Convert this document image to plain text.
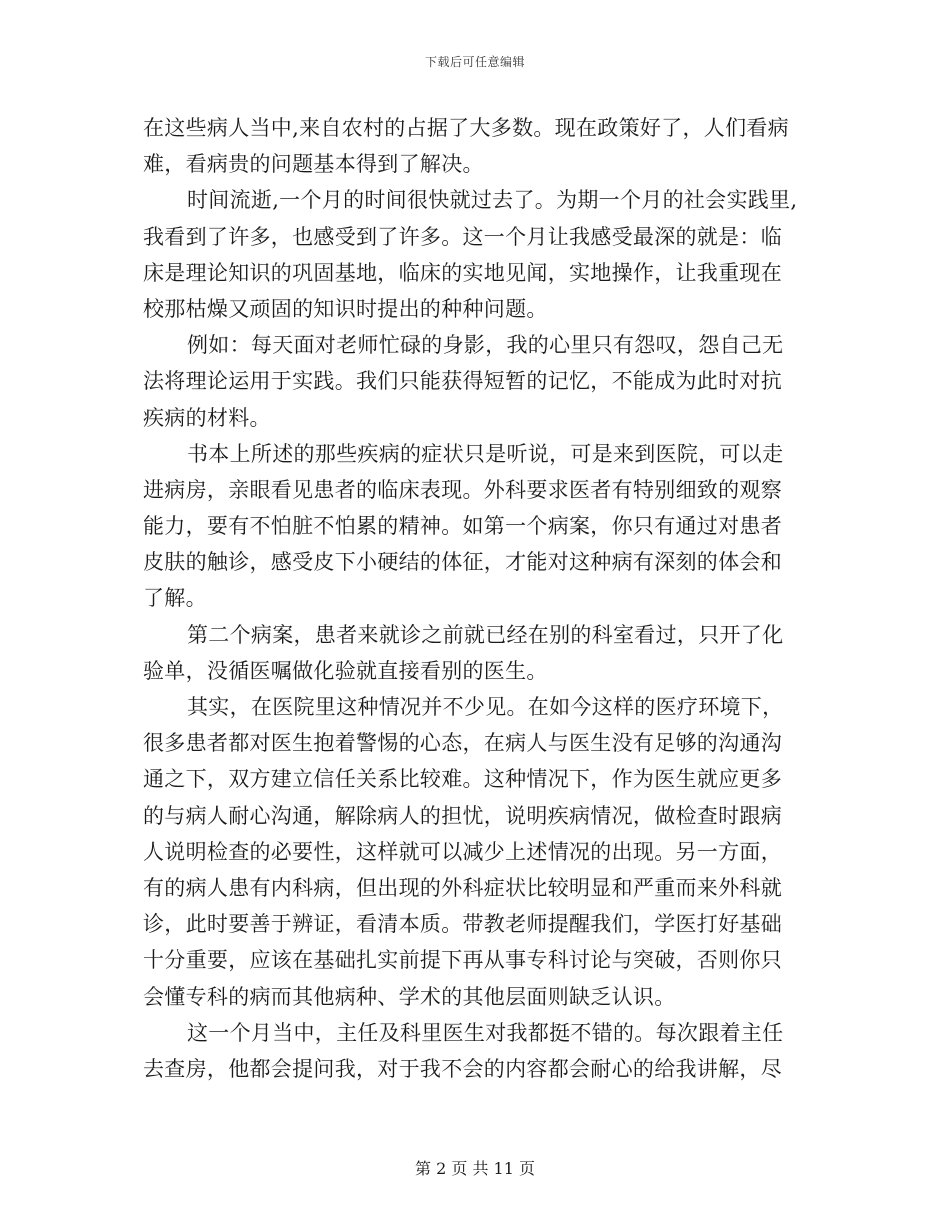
下载后可任意编辑
在这些病人当中,来自农村的占据了大多数。现在政策好了，人们看病
难，看病贵的问题基本得到了解决。
时间流逝,一个月的时间很快就过去了。为期一个月的社会实践里,
我看到了许多，也感受到了许多。这一个月让我感受最深的就是：临
床是理论知识的巩固基地，临床的实地见闻，实地操作，让我重现在
校那枯燥又顽固的知识时提出的种种问题。
例如：每天面对老师忙碌的身影，我的心里只有怨叹，怨自己无
法将理论运用于实践。我们只能获得短暂的记忆，不能成为此时对抗
疾病的材料。
书本上所述的那些疾病的症状只是听说，可是来到医院，可以走
进病房，亲眼看见患者的临床表现。外科要求医者有特别细致的观察
能力，要有不怕脏不怕累的精神。如第一个病案，你只有通过对患者
皮肤的触诊，感受皮下小硬结的体征，才能对这种病有深刻的体会和
了解。
第二个病案，患者来就诊之前就已经在别的科室看过，只开了化
验单，没循医嘱做化验就直接看别的医生。
其实，在医院里这种情况并不少见。在如今这样的医疗环境下，
很多患者都对医生抱着警惕的心态，在病人与医生没有足够的沟通沟
通之下，双方建立信任关系比较难。这种情况下，作为医生就应更多
的与病人耐心沟通，解除病人的担忧，说明疾病情况，做检查时跟病
人说明检查的必要性，这样就可以减少上述情况的出现。另一方面，
有的病人患有内科病，但出现的外科症状比较明显和严重而来外科就
诊，此时要善于辨证，看清本质。带教老师提醒我们，学医打好基础
十分重要，应该在基础扎实前提下再从事专科讨论与突破，否则你只
会懂专科的病而其他病种、学术的其他层面则缺乏认识。
这一个月当中，主任及科里医生对我都挺不错的。每次跟着主任
去查房，他都会提问我，对于我不会的内容都会耐心的给我讲解，尽
第 2 页 共 11 页
